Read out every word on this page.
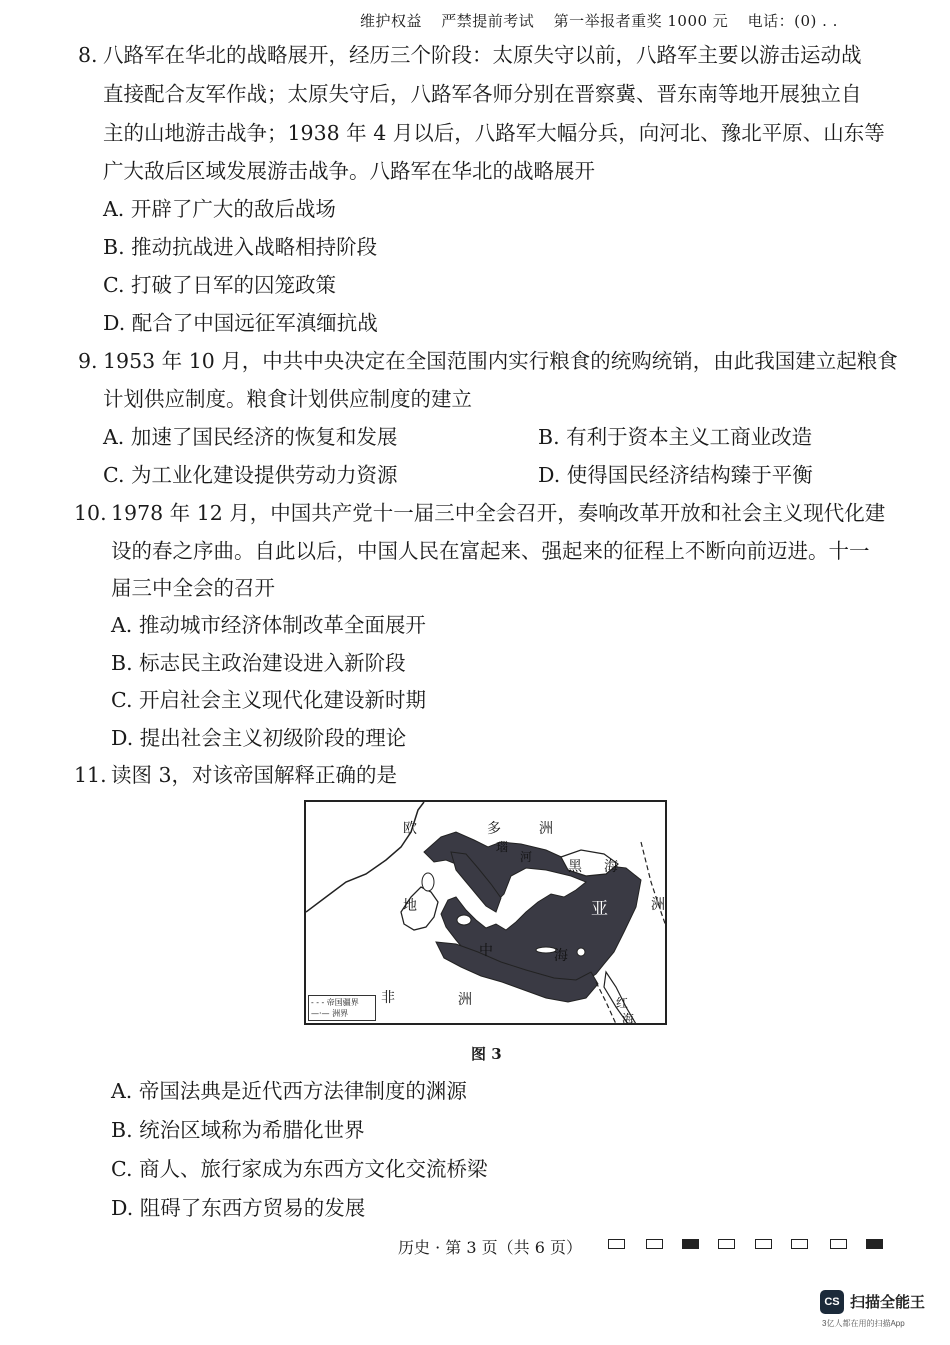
维护权益 严禁提前考试 第一举报者重奖 1000 元 电话：(0) . .
8. 八路军在华北的战略展开，经历三个阶段：太原失守以前，八路军主要以游击运动战
直接配合友军作战；太原失守后，八路军各师分别在晋察冀、晋东南等地开展独立自
主的山地游击战争；1938 年 4 月以后，八路军大幅分兵，向河北、豫北平原、山东等
广大敌后区域发展游击战争。八路军在华北的战略展开
A. 开辟了广大的敌后战场
B. 推动抗战进入战略相持阶段
C. 打破了日军的囚笼政策
D. 配合了中国远征军滇缅抗战
9. 1953 年 10 月，中共中央决定在全国范围内实行粮食的统购统销，由此我国建立起粮食
计划供应制度。粮食计划供应制度的建立
A. 加速了国民经济的恢复和发展	B. 有利于资本主义工商业改造
C. 为工业化建设提供劳动力资源	D. 使得国民经济结构臻于平衡
10. 1978 年 12 月，中国共产党十一届三中全会召开，奏响改革开放和社会主义现代化建
设的春之序曲。自此以后，中国人民在富起来、强起来的征程上不断向前迈进。十一
届三中全会的召开
A. 推动城市经济体制改革全面展开
B. 标志民主政治建设进入新阶段
C. 开启社会主义现代化建设新时期
D. 提出社会主义初级阶段的理论
11. 读图 3，对该帝国解释正确的是
欧	多	洲
瑙
河
黑 海
亚	洲
地
中	海
非	洲	红
海
- - - 帝国疆界
—·— 洲界
图 3
A. 帝国法典是近代西方法律制度的渊源
B. 统治区域称为希腊化世界
C. 商人、旅行家成为东西方文化交流桥梁
D. 阻碍了东西方贸易的发展
历史 · 第 3 页（共 6 页）
CS 扫描全能王
3亿人都在用的扫描App
